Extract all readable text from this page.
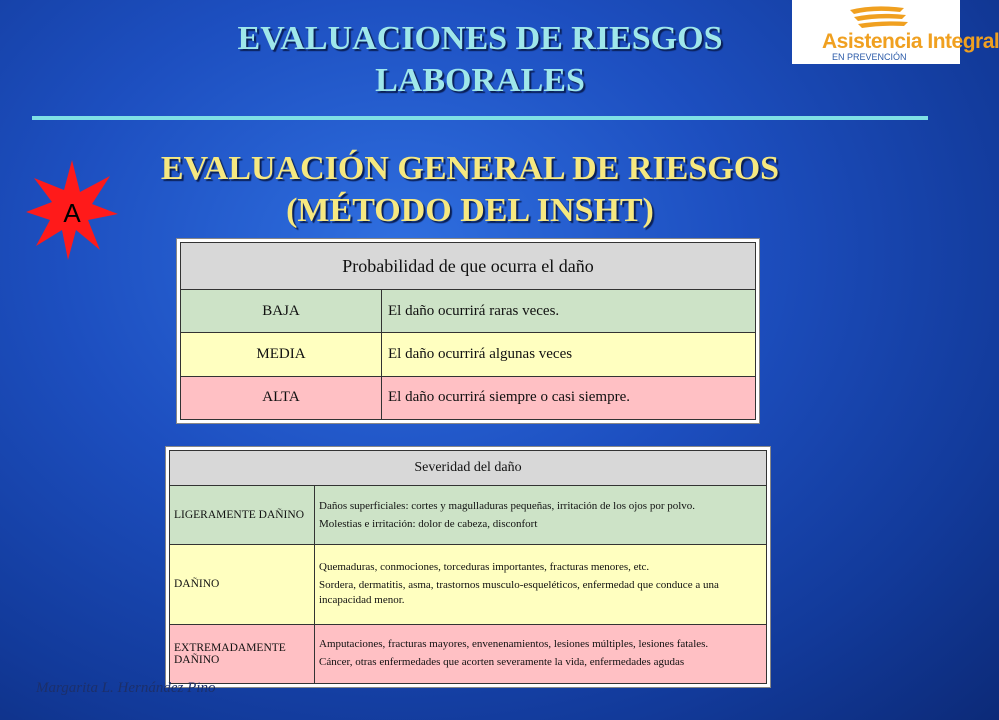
Asistencia Integral
EN PREVENCIÓN
EVALUACIONES DE RIESGOS
LABORALES
A
EVALUACIÓN GENERAL DE RIESGOS
(MÉTODO DEL INSHT)
Probabilidad de que ocurra el daño	
BAJA	El daño ocurrirá raras veces.
MEDIA	El daño ocurrirá algunas veces
ALTA	El daño ocurrirá siempre o casi siempre.
Severidad del daño	
LIGERAMENTE DAÑINO	Daños superficiales: cortes y magulladuras pequeñas, irritación de los ojos por polvo.

Molestias e irritación: dolor de cabeza, disconfort

DAÑINO	Quemaduras, conmociones, torceduras importantes, fracturas menores, etc.

Sordera, dermatitis, asma, trastornos musculo-esqueléticos, enfermedad que conduce a una incapacidad menor.

EXTREMADAMENTE DAÑINO	Amputaciones, fracturas mayores, envenenamientos, lesiones múltiples, lesiones fatales.

Cáncer, otras enfermedades que acorten severamente la vida, enfermedades agudas

Margarita L. Hernández Pino
